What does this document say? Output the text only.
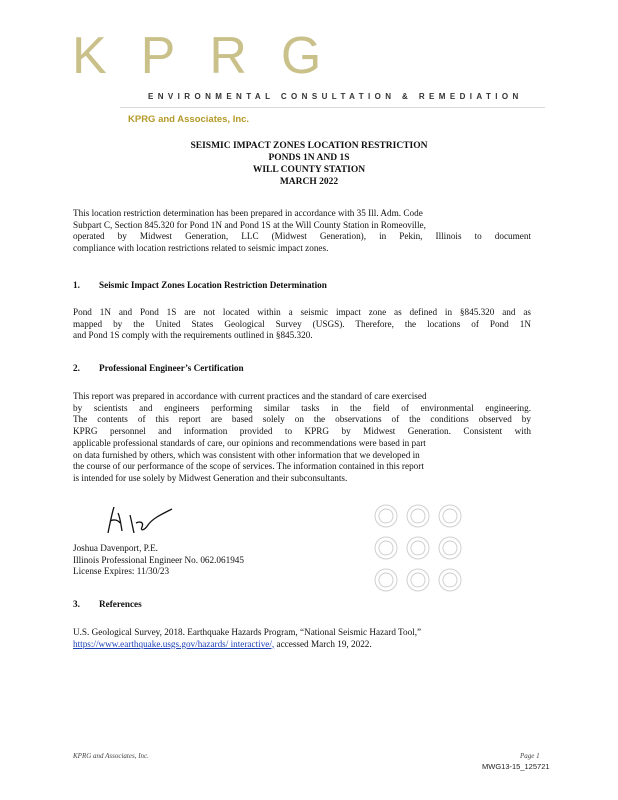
KPRG
ENVIRONMENTAL CONSULTATION & REMEDIATION
KPRG and Associates, Inc.
SEISMIC IMPACT ZONES LOCATION RESTRICTION
PONDS 1N AND 1S
WILL COUNTY STATION
MARCH 2022
This location restriction determination has been prepared in accordance with 35 Ill. Adm. Code
Subpart C, Section 845.320 for Pond 1N and Pond 1S at the Will County Station in Romeoville,
operated by Midwest Generation, LLC (Midwest Generation), in Pekin, Illinois to document
compliance with location restrictions related to seismic impact zones.
1. Seismic Impact Zones Location Restriction Determination
Pond 1N and Pond 1S are not located within a seismic impact zone as defined in §845.320 and as
mapped by the United States Geological Survey (USGS). Therefore, the locations of Pond 1N
and Pond 1S comply with the requirements outlined in §845.320.
2. Professional Engineer’s Certification
This report was prepared in accordance with current practices and the standard of care exercised
by scientists and engineers performing similar tasks in the field of environmental engineering.
The contents of this report are based solely on the observations of the conditions observed by
KPRG personnel and information provided to KPRG by Midwest Generation. Consistent with
applicable professional standards of care, our opinions and recommendations were based in part
on data furnished by others, which was consistent with other information that we developed in
the course of our performance of the scope of services. The information contained in this report
is intended for use solely by Midwest Generation and their subconsultants.
Joshua Davenport, P.E.
Illinois Professional Engineer No. 062.061945
License Expires: 11/30/23
3. References
U.S. Geological Survey, 2018. Earthquake Hazards Program, “National Seismic Hazard Tool,”
https://www.earthquake.usgs.gov/hazards/ interactive/, accessed March 19, 2022.
KPRG and Associates, Inc.	Page 1
MWG13-15_125721
